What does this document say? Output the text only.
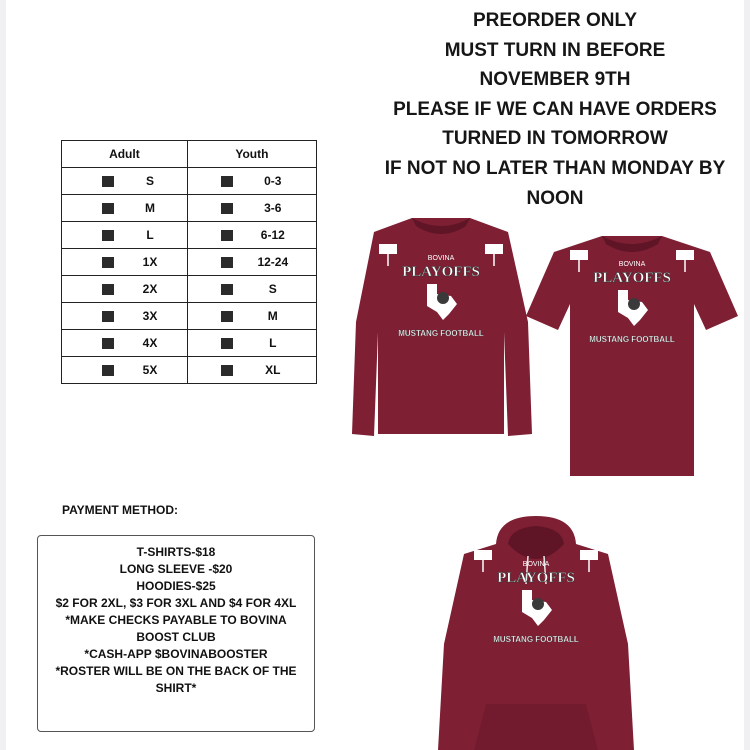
PREORDER ONLY
MUST TURN IN BEFORE
NOVEMBER 9TH
PLEASE IF WE CAN HAVE ORDERS
TURNED IN TOMORROW
IF NOT NO LATER THAN MONDAY BY
NOON
Adult	Youth

S	0-3

M	3-6

L	6-12

1X	12-24

2X	S

3X	M

4X	L

5X	XL
PAYMENT METHOD:
T-SHIRTS-$18
LONG SLEEVE -$20
HOODIES-$25
$2 FOR 2XL, $3 FOR 3XL AND $4 FOR 4XL
*MAKE CHECKS PAYABLE TO BOVINA
BOOST CLUB
*CASH-APP $BOVINABOOSTER
*ROSTER WILL BE ON THE BACK OF THE
SHIRT*
BOVINA
PLAYOFFS
MUSTANG FOOTBALL
BOVINA
PLAYOFFS
MUSTANG FOOTBALL
BOVINA
PLAYOFFS
MUSTANG FOOTBALL
